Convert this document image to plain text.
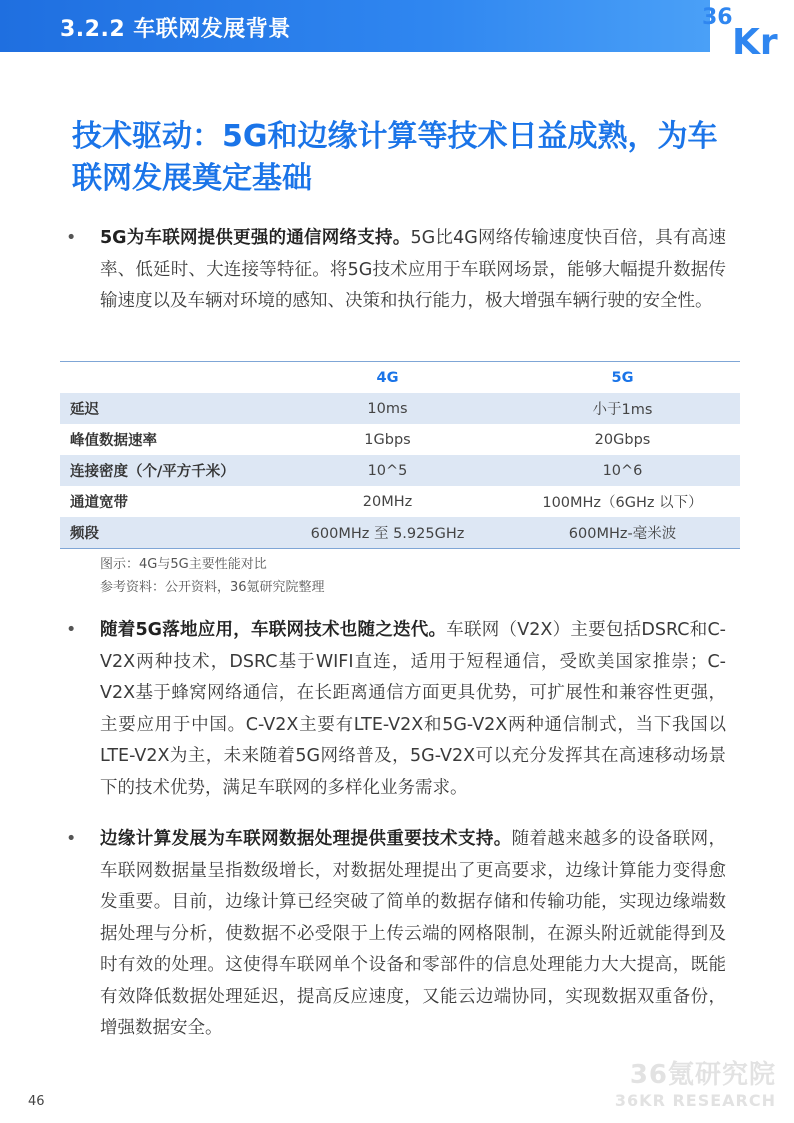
3.2.2 车联网发展背景	36
Kr
技术驱动：5G和边缘计算等技术日益成熟，为车联网发展奠定基础
• 5G为车联网提供更强的通信网络支持。5G比4G网络传输速度快百倍，具有高速率、低延时、大连接等特征。将5G技术应用于车联网场景，能够大幅提升数据传输速度以及车辆对环境的感知、决策和执行能力，极大增强车辆行驶的安全性。
	4G	5G
延迟	10ms	小于1ms
峰值数据速率	1Gbps	20Gbps
连接密度（个/平方千米）	10^5	10^6
通道宽带	20MHz	100MHz（6GHz 以下）
频段	600MHz 至 5.925GHz	600MHz-毫米波
图示：4G与5G主要性能对比
参考资料：公开资料，36氪研究院整理
• 随着5G落地应用，车联网技术也随之迭代。车联网（V2X）主要包括DSRC和C-V2X两种技术，DSRC基于WIFI直连，适用于短程通信，受欧美国家推崇；C-V2X基于蜂窝网络通信，在长距离通信方面更具优势，可扩展性和兼容性更强，主要应用于中国。C-V2X主要有LTE-V2X和5G-V2X两种通信制式，当下我国以LTE-V2X为主，未来随着5G网络普及，5G-V2X可以充分发挥其在高速移动场景下的技术优势，满足车联网的多样化业务需求。
• 边缘计算发展为车联网数据处理提供重要技术支持。随着越来越多的设备联网，车联网数据量呈指数级增长，对数据处理提出了更高要求，边缘计算能力变得愈发重要。目前，边缘计算已经突破了简单的数据存储和传输功能，实现边缘端数据处理与分析，使数据不必受限于上传云端的网格限制，在源头附近就能得到及时有效的处理。这使得车联网单个设备和零部件的信息处理能力大大提高，既能有效降低数据处理延迟，提高反应速度，又能云边端协同，实现数据双重备份，增强数据安全。
36氪研究院
36KR RESEARCH
46
